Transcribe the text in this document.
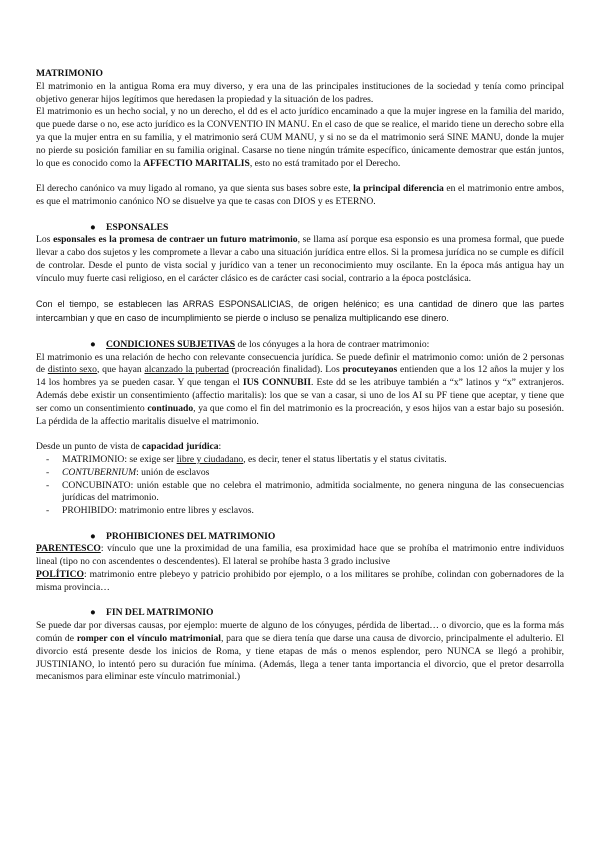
MATRIMONIO

El matrimonio en la antigua Roma era muy diverso, y era una de las principales instituciones de la sociedad y tenía como principal objetivo generar hijos legítimos que heredasen la propiedad y la situación de los padres.

El matrimonio es un hecho social, y no un derecho, el dd es el acto jurídico encaminado a que la mujer ingrese en la familia del marido, que puede darse o no, ese acto jurídico es la CONVENTIO IN MANU. En el caso de que se realice, el marido tiene un derecho sobre ella ya que la mujer entra en su familia, y el matrimonio será CUM MANU, y si no se da el matrimonio será SINE MANU, donde la mujer no pierde su posición familiar en su familia original. Casarse no tiene ningún trámite específico, únicamente demostrar que están juntos, lo que es conocido como la AFFECTIO MARITALIS, esto no está tramitado por el Derecho.

El derecho canónico va muy ligado al romano, ya que sienta sus bases sobre este, la principal diferencia en el matrimonio entre ambos, es que el matrimonio canónico NO se disuelve ya que te casas con DIOS y es ETERNO.

● ESPONSALES

Los esponsales es la promesa de contraer un futuro matrimonio, se llama así porque esa esponsio es una promesa formal, que puede llevar a cabo dos sujetos y les compromete a llevar a cabo una situación jurídica entre ellos. Si la promesa jurídica no se cumple es difícil de controlar. Desde el punto de vista social y jurídico van a tener un reconocimiento muy oscilante. En la época más antigua hay un vínculo muy fuerte casi religioso, en el carácter clásico es de carácter casi social, contrario a la época postclásica.

Con el tiempo, se establecen las ARRAS ESPONSALICIAS, de origen helénico; es una cantidad de dinero que las partes intercambian y que en caso de incumplimiento se pierde o incluso se penaliza multiplicando ese dinero.

● CONDICIONES SUBJETIVAS de los cónyuges a la hora de contraer matrimonio:

El matrimonio es una relación de hecho con relevante consecuencia jurídica. Se puede definir el matrimonio como: unión de 2 personas de distinto sexo, que hayan alcanzado la pubertad (procreación finalidad). Los procuteyanos entienden que a los 12 años la mujer y los 14 los hombres ya se pueden casar. Y que tengan el IUS CONNUBII. Este dd se les atribuye también a “x” latinos y “x” extranjeros. Además debe existir un consentimiento (affectio maritalis): los que se van a casar, si uno de los AI su PF tiene que aceptar, y tiene que ser como un consentimiento continuado, ya que como el fin del matrimonio es la procreación, y esos hijos van a estar bajo su posesión. La pérdida de la affectio maritalis disuelve el matrimonio.

Desde un punto de vista de capacidad jurídica:

- MATRIMONIO: se exige ser libre y ciudadano, es decir, tener el status libertatis y el status civitatis.
- CONTUBERNIUM: unión de esclavos
- CONCUBINATO: unión estable que no celebra el matrimonio, admitida socialmente, no genera ninguna de las consecuencias jurídicas del matrimonio.
- PROHIBIDO: matrimonio entre libres y esclavos.

● PROHIBICIONES DEL MATRIMONIO

PARENTESCO: vínculo que une la proximidad de una familia, esa proximidad hace que se prohíba el matrimonio entre individuos lineal (tipo no con ascendentes o descendentes). El lateral se prohíbe hasta 3 grado inclusive

POLÍTICO: matrimonio entre plebeyo y patricio prohibido por ejemplo, o a los militares se prohíbe, colindan con gobernadores de la misma provincia…

● FIN DEL MATRIMONIO

Se puede dar por diversas causas, por ejemplo: muerte de alguno de los cónyuges, pérdida de libertad… o divorcio, que es la forma más común de romper con el vínculo matrimonial, para que se diera tenía que darse una causa de divorcio, principalmente el adulterio. El divorcio está presente desde los inicios de Roma, y tiene etapas de más o menos esplendor, pero NUNCA se llegó a prohibir, JUSTINIANO, lo intentó pero su duración fue mínima. (Además, llega a tener tanta importancia el divorcio, que el pretor desarrolla mecanismos para eliminar este vínculo matrimonial.)
